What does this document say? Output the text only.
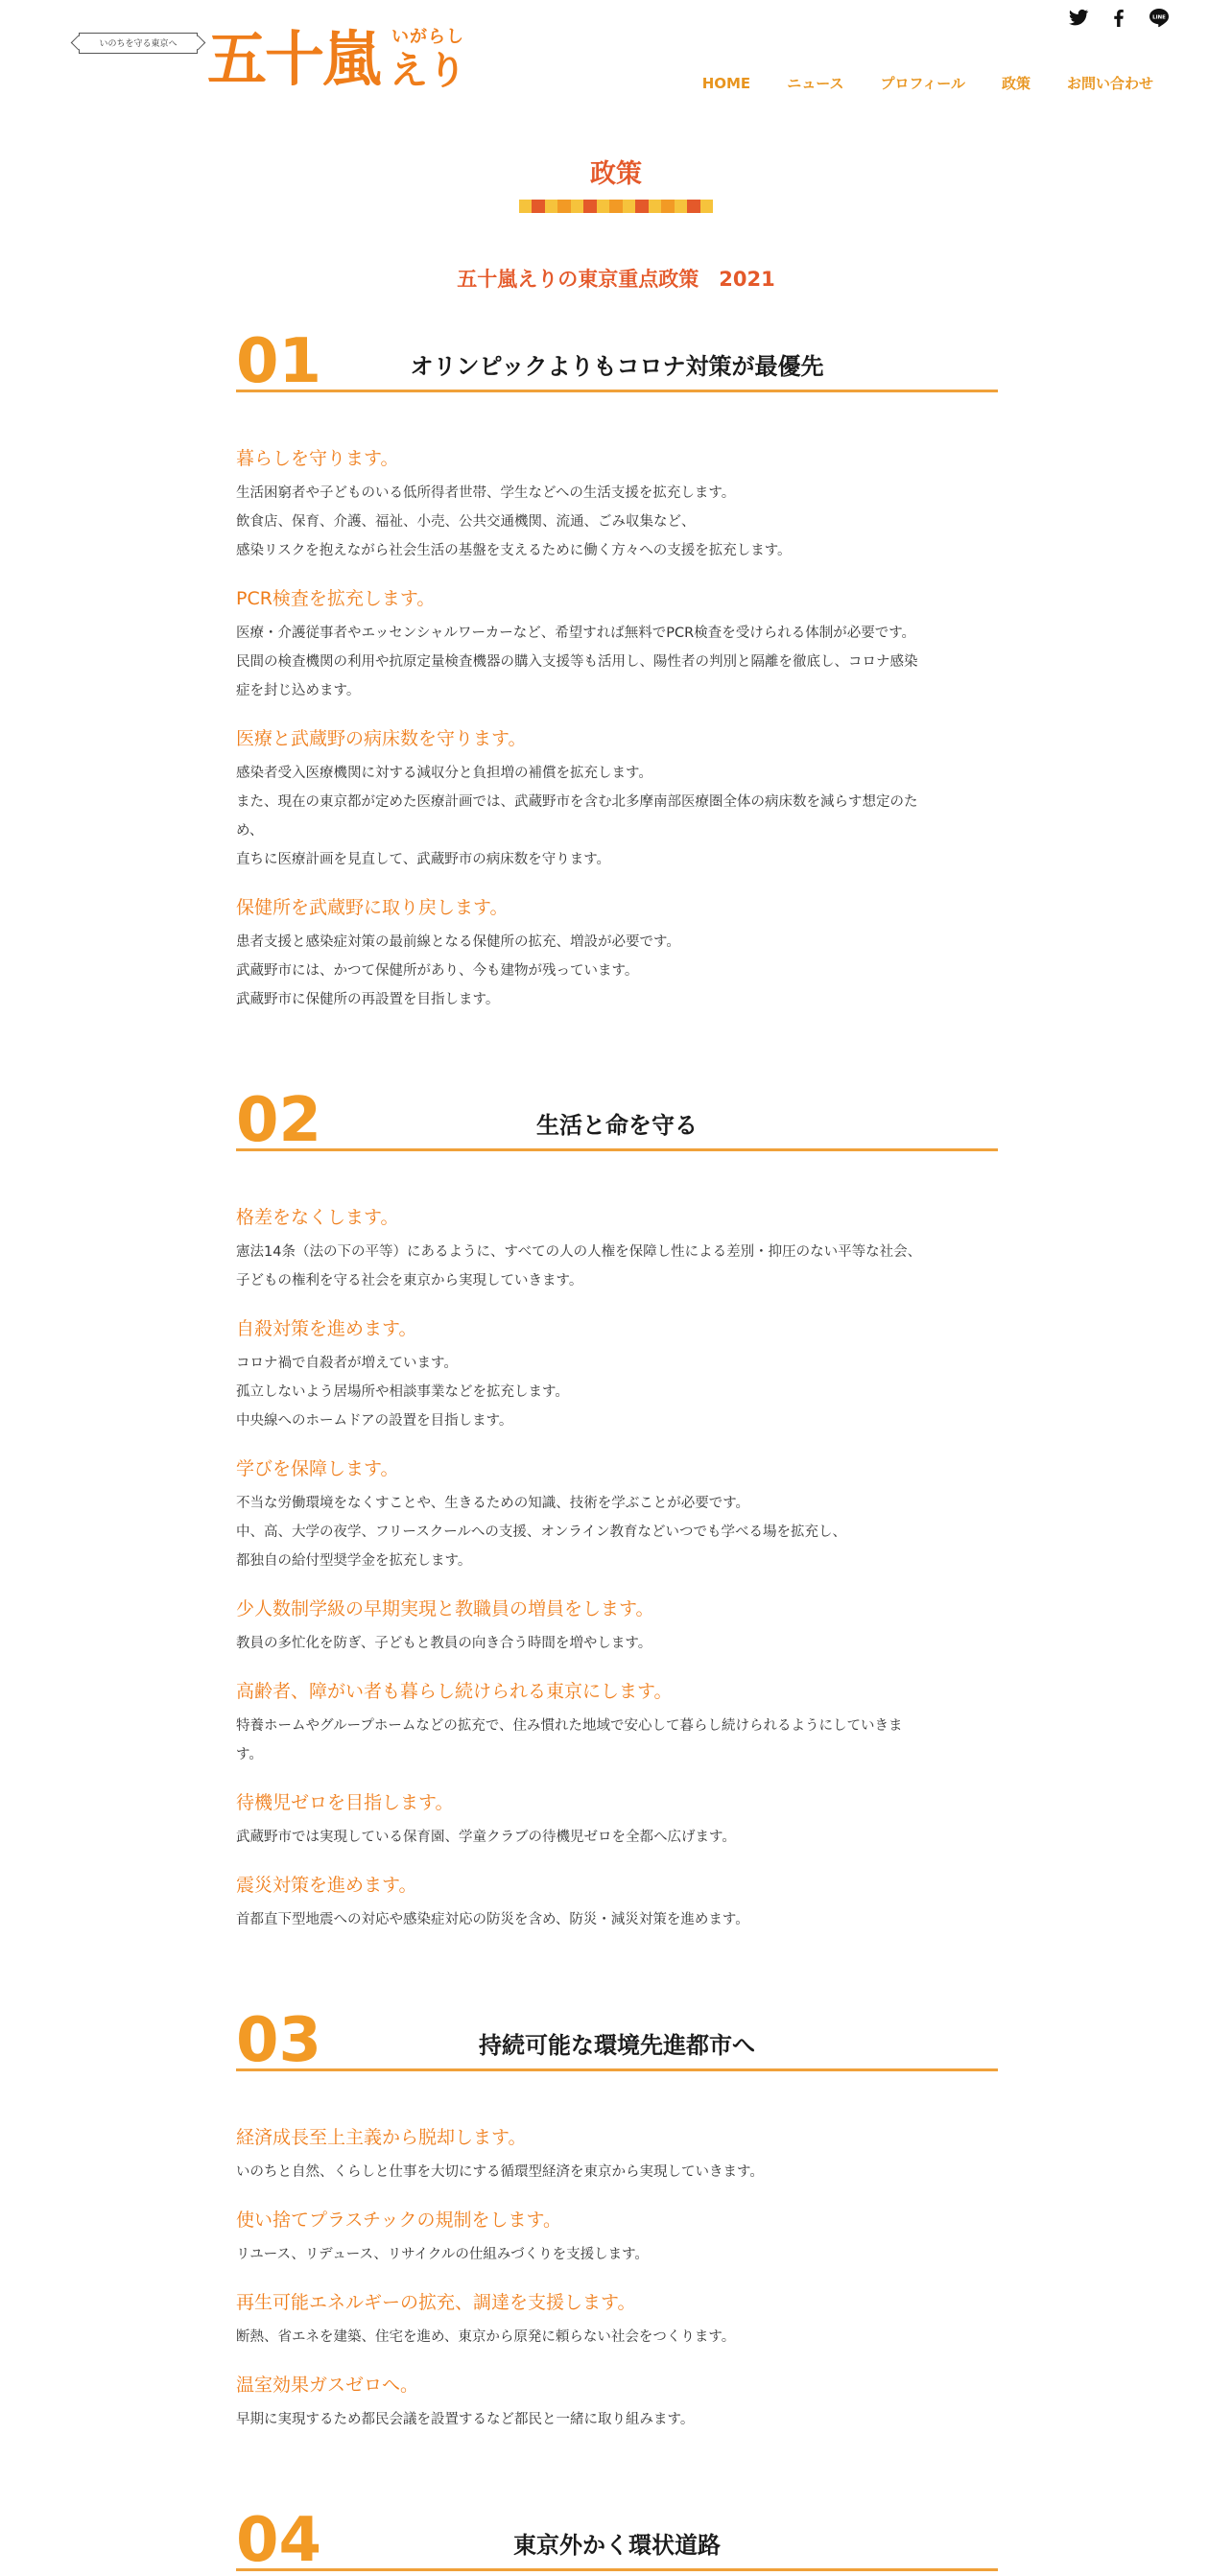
いのちを守る東京へ 五十嵐 いがらし
えり
LINE
HOME	ニュース	プロフィール	政策	お問い合わせ
政策
五十嵐えりの東京重点政策　2021
01	オリンピックよりもコロナ対策が最優先
暮らしを守ります。

生活困窮者や子どものいる低所得者世帯、学生などへの生活支援を拡充します。

飲食店、保育、介護、福祉、小売、公共交通機関、流通、ごみ収集など、

感染リスクを抱えながら社会生活の基盤を支えるために働く方々への支援を拡充します。

PCR検査を拡充します。

医療・介護従事者やエッセンシャルワーカーなど、希望すれば無料でPCR検査を受けられる体制が必要です。

民間の検査機関の利用や抗原定量検査機器の購入支援等も活用し、陽性者の判別と隔離を徹底し、コロナ感染

症を封じ込めます。

医療と武蔵野の病床数を守ります。

感染者受入医療機関に対する減収分と負担増の補償を拡充します。

また、現在の東京都が定めた医療計画では、武蔵野市を含む北多摩南部医療圏全体の病床数を減らす想定のた

め、

直ちに医療計画を見直して、武蔵野市の病床数を守ります。

保健所を武蔵野に取り戻します。

患者支援と感染症対策の最前線となる保健所の拡充、増設が必要です。

武蔵野市には、かつて保健所があり、今も建物が残っています。

武蔵野市に保健所の再設置を目指します。

02	生活と命を守る
格差をなくします。

憲法14条（法の下の平等）にあるように、すべての人の人権を保障し性による差別・抑圧のない平等な社会、

子どもの権利を守る社会を東京から実現していきます。

自殺対策を進めます。

コロナ禍で自殺者が増えています。

孤立しないよう居場所や相談事業などを拡充します。

中央線へのホームドアの設置を目指します。

学びを保障します。

不当な労働環境をなくすことや、生きるための知識、技術を学ぶことが必要です。

中、高、大学の夜学、フリースクールへの支援、オンライン教育などいつでも学べる場を拡充し、

都独自の給付型奨学金を拡充します。

少人数制学級の早期実現と教職員の増員をします。

教員の多忙化を防ぎ、子どもと教員の向き合う時間を増やします。

高齢者、障がい者も暮らし続けられる東京にします。

特養ホームやグループホームなどの拡充で、住み慣れた地域で安心して暮らし続けられるようにしていきま

す。

待機児ゼロを目指します。

武蔵野市では実現している保育園、学童クラブの待機児ゼロを全都へ広げます。

震災対策を進めます。

首都直下型地震への対応や感染症対応の防災を含め、防災・減災対策を進めます。

03	持続可能な環境先進都市へ
経済成長至上主義から脱却します。

いのちと自然、くらしと仕事を大切にする循環型経済を東京から実現していきます。

使い捨てプラスチックの規制をします。

リユース、リデュース、リサイクルの仕組みづくりを支援します。

再生可能エネルギーの拡充、調達を支援します。

断熱、省エネを建築、住宅を進め、東京から原発に頼らない社会をつくります。

温室効果ガスゼロへ。

早期に実現するため都民会議を設置するなど都民と一緒に取り組みます。

04	東京外かく環状道路
